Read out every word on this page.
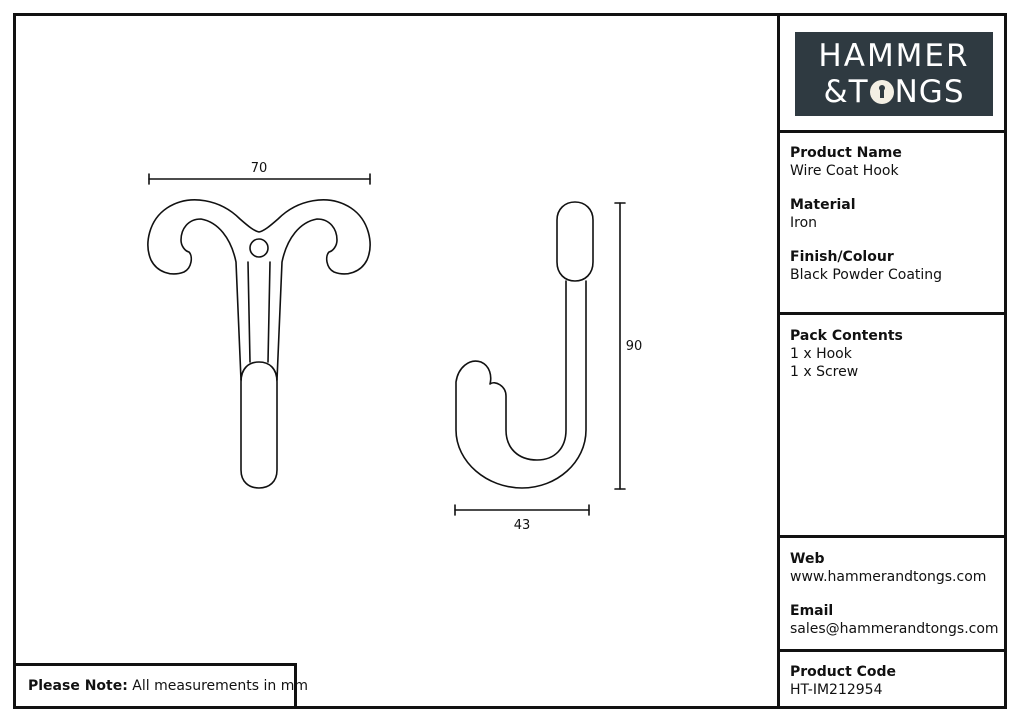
HAMMER
&T NGS
Product Name
Wire Coat Hook
Material
Iron
Finish/Colour
Black Powder Coating
Pack Contents
1 x Hook
1 x Screw
Web
www.hammerandtongs.com
Email
sales@hammerandtongs.com
Product Code
HT-IM212954
Please Note: All measurements in mm
70
90
43
